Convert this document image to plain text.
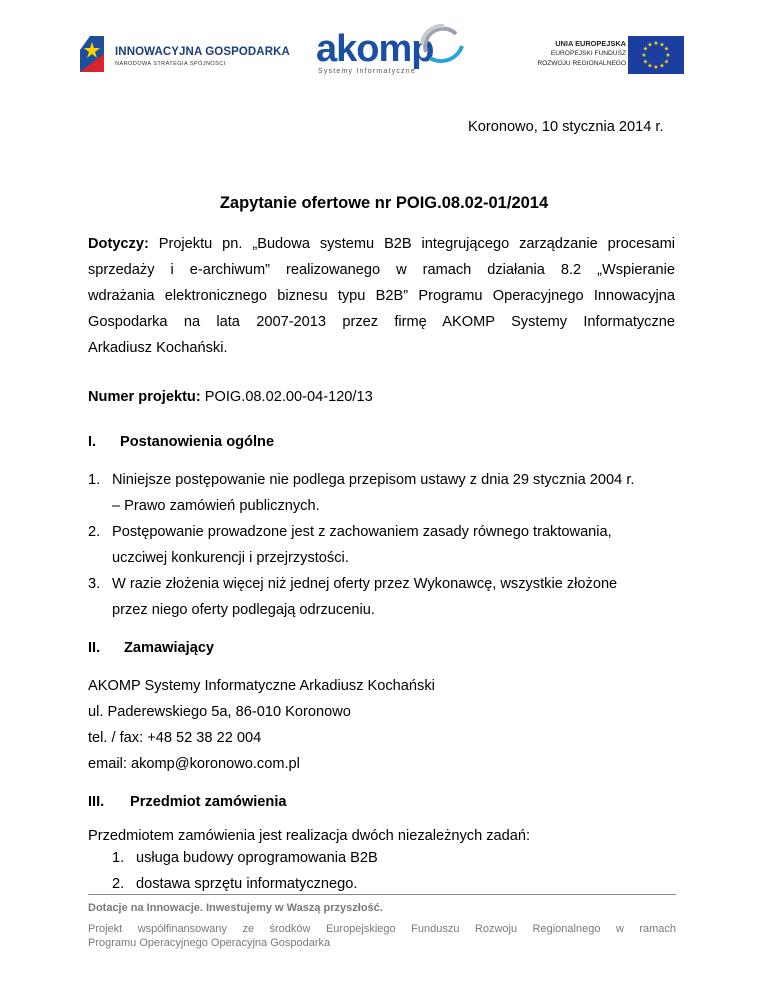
INNOWACYJNA GOSPODARKA
NARODOWA STRATEGIA SPÓJNOŚCI akomp
Systemy Informatyczne
UNIA EUROPEJSKA
EUROPEJSKI FUNDUSZ
ROZWOJU REGIONALNEGO
★ ★
★
★
★
★
★
★
★
★
★
★
Koronowo, 10 stycznia 2014 r.
Zapytanie ofertowe nr POIG.08.02-01/2014
Dotyczy: Projektu pn. „Budowa systemu B2B integrującego zarządzanie procesami
sprzedaży i e-archiwum” realizowanego w ramach działania 8.2 „Wspieranie
wdrażania elektronicznego biznesu typu B2B” Programu Operacyjnego Innowacyjna
Gospodarka na lata 2007-2013 przez firmę AKOMP Systemy Informatyczne
Arkadiusz Kochański.
Numer projektu: POIG.08.02.00-04-120/13
I. Postanowienia ogólne
1. Niniejsze postępowanie nie podlega przepisom ustawy z dnia 29 stycznia 2004 r.
– Prawo zamówień publicznych.
2. Postępowanie prowadzone jest z zachowaniem zasady równego traktowania,
uczciwej konkurencji i przejrzystości.
3. W razie złożenia więcej niż jednej oferty przez Wykonawcę, wszystkie złożone
przez niego oferty podlegają odrzuceniu.
II. Zamawiający
AKOMP Systemy Informatyczne Arkadiusz Kochański
ul. Paderewskiego 5a, 86-010 Koronowo
tel. / fax: +48 52 38 22 004
email: akomp@koronowo.com.pl
III. Przedmiot zamówienia
Przedmiotem zamówienia jest realizacja dwóch niezależnych zadań:
1. usługa budowy oprogramowania B2B
2. dostawa sprzętu informatycznego.
Dotacje na Innowacje. Inwestujemy w Waszą przyszłość.
Projekt współfinansowany ze środków Europejskiego Funduszu Rozwoju Regionalnego w ramach
Programu Operacyjnego Operacyjna Gospodarka
